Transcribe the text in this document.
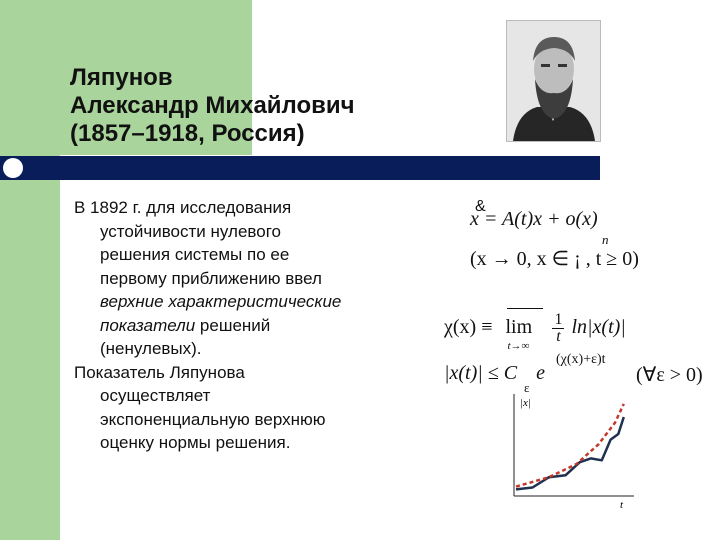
Ляпунов
Александр Михайлович
(1857–1918, Россия)
В 1892 г. для исследования
устойчивости нулевого
решения системы по ее
первому приближению ввел
верхние характеристические
показатели решений
(ненулевых).
Показатель Ляпунова
осуществляет
экспоненциальную верхнюю
оценку нормы решения.
x
&
= A(t)x + o(x)
(x → 0, x ∈ ¡ , t ≥ 0)
n
χ(x) ≡ lim
t→∞

$\frac{1}{t} \ln|x(t)|$
|x(t)| ≤ C
ε
e
(χ(x)+ε)t
(∀ε > 0)
|x|
t
